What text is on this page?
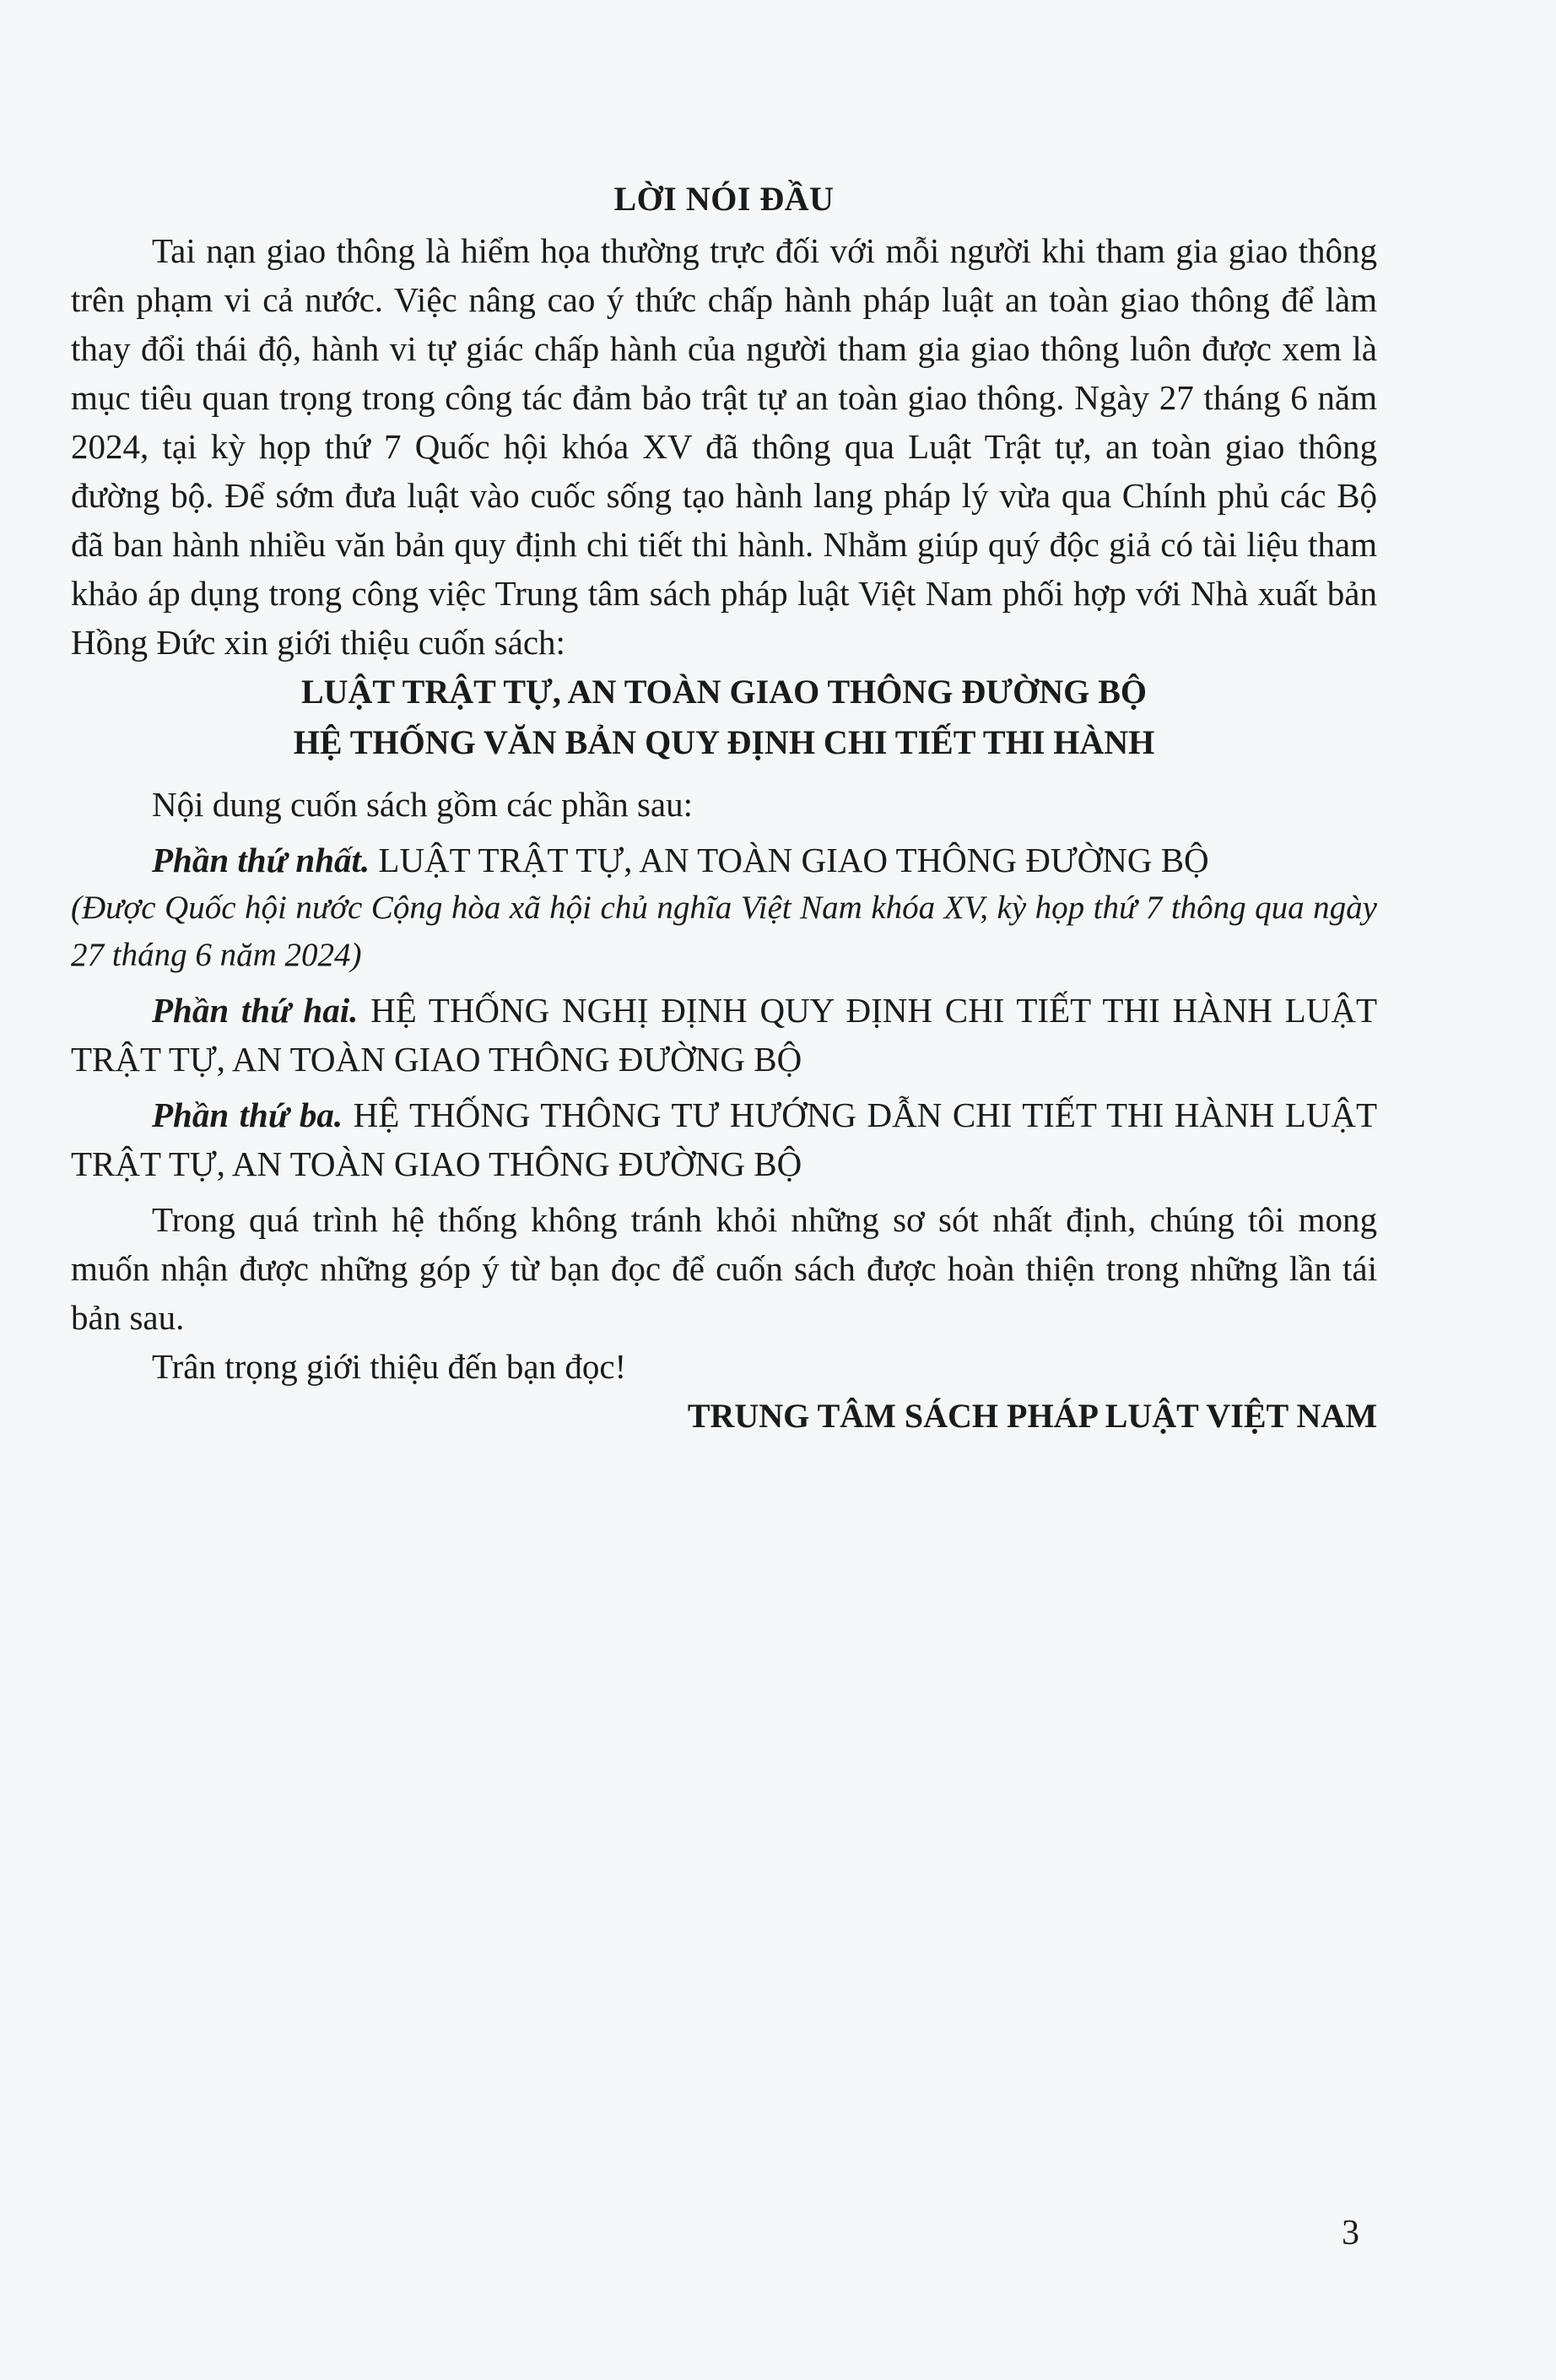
LỜI NÓI ĐẦU

Tai nạn giao thông là hiểm họa thường trực đối với mỗi người khi tham gia giao thông trên phạm vi cả nước. Việc nâng cao ý thức chấp hành pháp luật an toàn giao thông để làm thay đổi thái độ, hành vi tự giác chấp hành của người tham gia giao thông luôn được xem là mục tiêu quan trọng trong công tác đảm bảo trật tự an toàn giao thông. Ngày 27 tháng 6 năm 2024, tại kỳ họp thứ 7 Quốc hội khóa XV đã thông qua Luật Trật tự, an toàn giao thông đường bộ. Để sớm đưa luật vào cuốc sống tạo hành lang pháp lý vừa qua Chính phủ các Bộ đã ban hành nhiều văn bản quy định chi tiết thi hành. Nhằm giúp quý độc giả có tài liệu tham khảo áp dụng trong công việc Trung tâm sách pháp luật Việt Nam phối hợp với Nhà xuất bản Hồng Đức xin giới thiệu cuốn sách:

LUẬT TRẬT TỰ, AN TOÀN GIAO THÔNG ĐƯỜNG BỘ
HỆ THỐNG VĂN BẢN QUY ĐỊNH CHI TIẾT THI HÀNH

Nội dung cuốn sách gồm các phần sau:

Phần thứ nhất. LUẬT TRẬT TỰ, AN TOÀN GIAO THÔNG ĐƯỜNG BỘ

(Được Quốc hội nước Cộng hòa xã hội chủ nghĩa Việt Nam khóa XV, kỳ họp thứ 7 thông qua ngày 27 tháng 6 năm 2024)

Phần thứ hai. HỆ THỐNG NGHỊ ĐỊNH QUY ĐỊNH CHI TIẾT THI HÀNH LUẬT TRẬT TỰ, AN TOÀN GIAO THÔNG ĐƯỜNG BỘ

Phần thứ ba. HỆ THỐNG THÔNG TƯ HƯỚNG DẪN CHI TIẾT THI HÀNH LUẬT TRẬT TỰ, AN TOÀN GIAO THÔNG ĐƯỜNG BỘ

Trong quá trình hệ thống không tránh khỏi những sơ sót nhất định, chúng tôi mong muốn nhận được những góp ý từ bạn đọc để cuốn sách được hoàn thiện trong những lần tái bản sau.

Trân trọng giới thiệu đến bạn đọc!

TRUNG TÂM SÁCH PHÁP LUẬT VIỆT NAM
3
